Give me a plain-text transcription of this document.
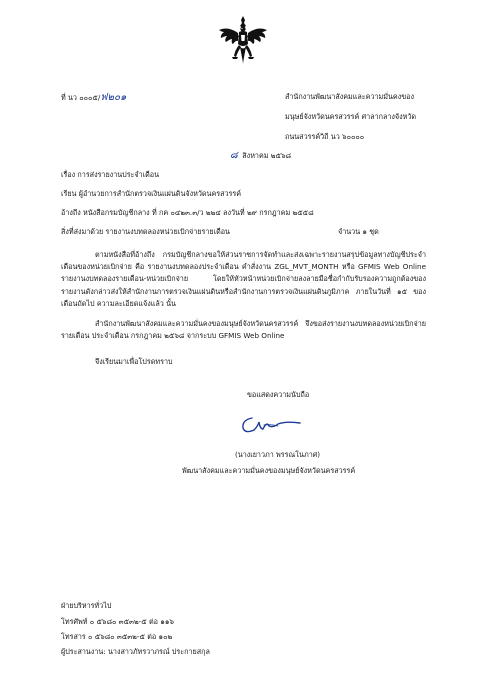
ที่ นว ๐๐๐๕/ฟ๒๐๑	สำนักงานพัฒนาสังคมและความมั่นคงของ
มนุษย์จังหวัดนครสวรรค์ ศาลากลางจังหวัด
ถนนสวรรค์วิถี นว ๖๐๐๐๐
๘ สิงหาคม ๒๕๖๘
เรื่อง การส่งรายงานประจำเดือน
เรียน ผู้อำนวยการสำนักตรวจเงินแผ่นดินจังหวัดนครสวรรค์
อ้างถึง หนังสือกรมบัญชีกลาง ที่ กค ๐๔๒๓.๓/ว ๒๒๔ ลงวันที่ ๒๙ กรกฎาคม ๒๕๕๘
สิ่งที่ส่งมาด้วย รายงานงบทดลองหน่วยเบิกจ่ายรายเดือน	จำนวน ๑ ชุด
ตามหนังสือที่อ้างถึง กรมบัญชีกลางขอให้ส่วนราชการจัดทำและส่งเฉพาะรายงานสรุปข้อมูลทางบัญชีประจำเดือนของหน่วยเบิกจ่าย คือ รายงานงบทดลองประจำเดือน คำสั่งงาน ZGL_MVT_MONTH หรือ GFMIS Web Online รายงานงบทดลองรายเดือน-หน่วยเบิกจ่าย โดยให้หัวหน้าหน่วยเบิกจ่ายลงลายมือชื่อกำกับรับรองความถูกต้องของรายงานดังกล่าวส่งให้สำนักงานการตรวจเงินแผ่นดินหรือสำนักงานการตรวจเงินแผ่นดินภูมิภาค ภายในวันที่ ๑๕ ของเดือนถัดไป ความละเอียดแจ้งแล้ว นั้น
สำนักงานพัฒนาสังคมและความมั่นคงของมนุษย์จังหวัดนครสวรรค์ จึงขอส่งรายงานงบทดลองหน่วยเบิกจ่ายรายเดือน ประจำเดือน กรกฎาคม ๒๕๖๘ จากระบบ GFMIS Web Online
จึงเรียนมาเพื่อโปรดทราบ
ขอแสดงความนับถือ
(นางเยาวภา พรรณโนภาศ)
พัฒนาสังคมและความมั่นคงของมนุษย์จังหวัดนครสวรรค์
ฝ่ายบริหารทั่วไป
โทรศัพท์ ๐ ๕๖๘๐ ๓๕๓๒-๕ ต่อ ๑๑๖
โทรสาร ๐ ๕๖๘๐ ๓๕๓๒-๕ ต่อ ๑๐๒
ผู้ประสานงาน: นางสาวภัทรวาภรณ์ ประกายสกุล
